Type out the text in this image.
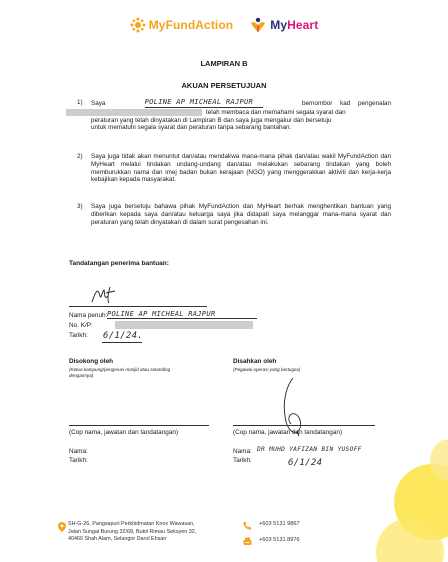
MyFundAction	MyHeart
LAMPIRAN B
AKUAN PERSETUJUAN
1) Saya	POLINE AP MICHEAL RAJPUR	bernombor kad pengenalan
telah membaca dan memahami segala syarat dan
peraturan yang telah dinyatakan di Lampiran B dan saya juga mengakui dan bersetuju
untuk mematuhi segala syarat dan peraturan tanpa sebarang bantahan.
2) Saya juga tidak akan menuntut dan/atau mendakwa mana-mana pihak dan/atau wakil MyFundAction dan MyHeart melalui tindakan undang-undang dan/atau melakukan sebarang tindakan yang boleh memburukkan nama dan imej badan bukan kerajaan (NGO) yang menggerakkan aktiviti dan kerja-kerja kebajikan kepada masyarakat.
3) Saya juga bersetuju bahawa pihak MyFundAction dan MyHeart berhak menghentikan bantuan yang diberikan kepada saya dan/atau keluarga saya jika didapati saya melanggar mana-mana syarat dan peraturan yang telah dinyatakan di dalam surat pengesahan ini.
Tandatangan penerima bantuan:
Nama penuh: POLINE AP MICHEAL RAJPUR
No. K/P:
Tarikh: 6/1/24.
Disokong oleh
(Ketua kampung/pengerusi masjid atau setanding dengannya)
(Cop nama, jawatan dan tandatangan)
Nama:
Tarikh:
Disahkan oleh
(Pegawai operasi yang bertugas)
(Cop nama, jawatan dan tandatangan)
Nama: DR MUHD YAFIZAN BIN YUSOFF
Tarikh:	6/1/24
SH-G-26, Pangsapuri Perkhidmatan Knox Wawasan,
Jalan Sungai Burung 32/68, Bukit Rimau Seksyen 32,
40460 Shah Alam, Selangor Darul Ehsan
+603 5131 9867
+603 5131 8976
